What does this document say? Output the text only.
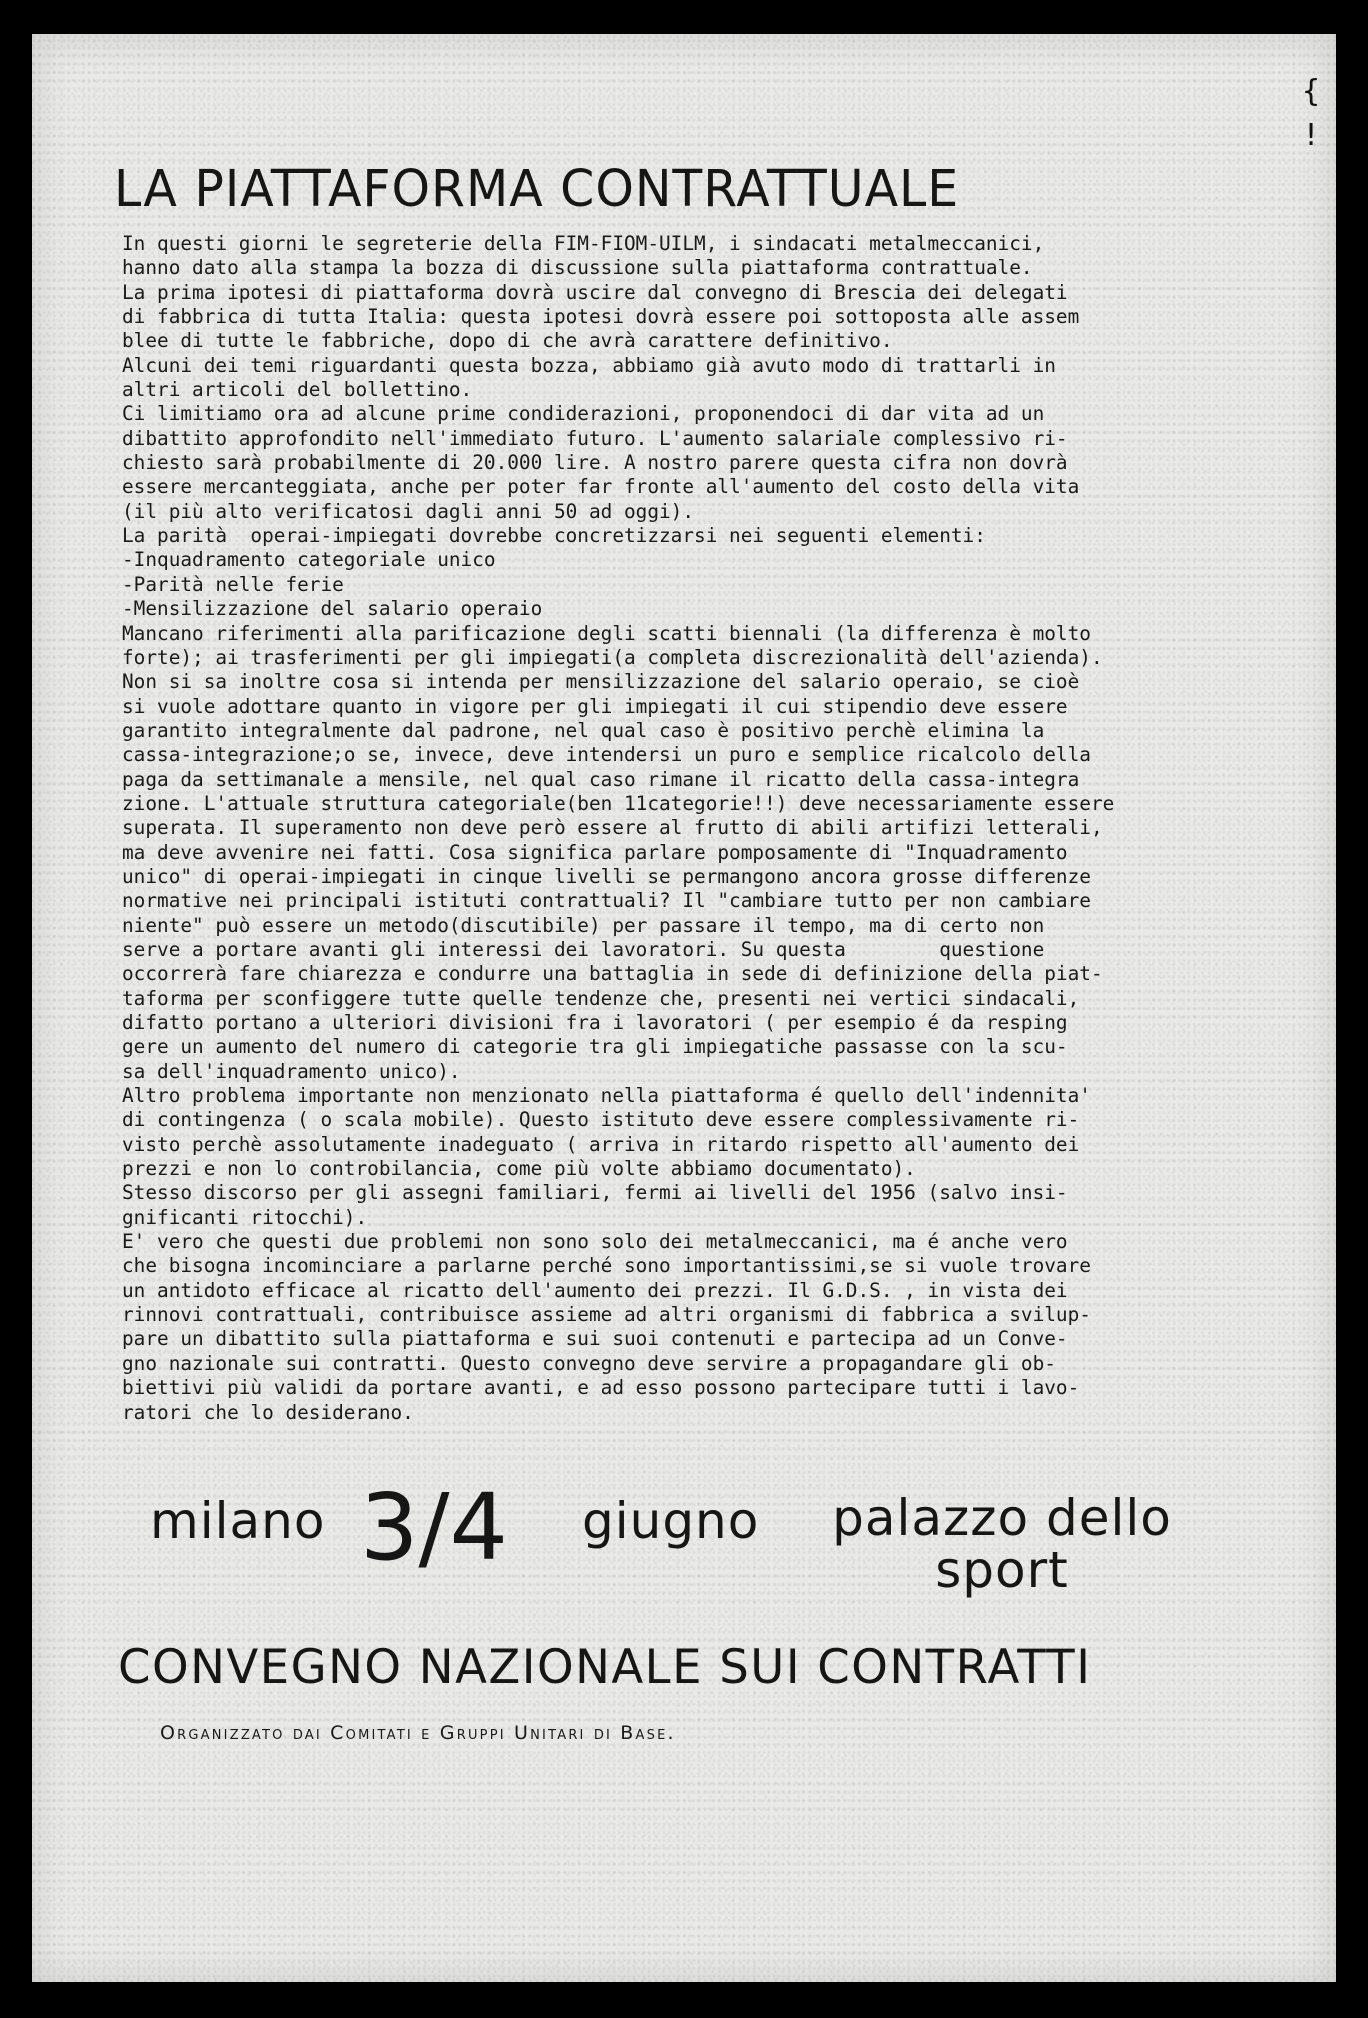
{
!
LA PIATTAFORMA CONTRATTUALE
In questi giorni le segreterie della FIM-FIOM-UILM, i sindacati metalmeccanici,
hanno dato alla stampa la bozza di discussione sulla piattaforma contrattuale.
La prima ipotesi di piattaforma dovrà uscire dal convegno di Brescia dei delegati
di fabbrica di tutta Italia: questa ipotesi dovrà essere poi sottoposta alle assem
blee di tutte le fabbriche, dopo di che avrà carattere definitivo.
Alcuni dei temi riguardanti questa bozza, abbiamo già avuto modo di trattarli in
altri articoli del bollettino.
Ci limitiamo ora ad alcune prime condiderazioni, proponendoci di dar vita ad un
dibattito approfondito nell'immediato futuro. L'aumento salariale complessivo ri-
chiesto sarà probabilmente di 20.000 lire. A nostro parere questa cifra non dovrà
essere mercanteggiata, anche per poter far fronte all'aumento del costo della vita
(il più alto verificatosi dagli anni 50 ad oggi).
La parità  operai-impiegati dovrebbe concretizzarsi nei seguenti elementi:
-Inquadramento categoriale unico
-Parità nelle ferie
-Mensilizzazione del salario operaio
Mancano riferimenti alla parificazione degli scatti biennali (la differenza è molto
forte); ai trasferimenti per gli impiegati(a completa discrezionalità dell'azienda).
Non si sa inoltre cosa si intenda per mensilizzazione del salario operaio, se cioè
si vuole adottare quanto in vigore per gli impiegati il cui stipendio deve essere
garantito integralmente dal padrone, nel qual caso è positivo perchè elimina la
cassa-integrazione;o se, invece, deve intendersi un puro e semplice ricalcolo della
paga da settimanale a mensile, nel qual caso rimane il ricatto della cassa-integra
zione. L'attuale struttura categoriale(ben 11categorie!!) deve necessariamente essere
superata. Il superamento non deve però essere al frutto di abili artifizi letterali,
ma deve avvenire nei fatti. Cosa significa parlare pomposamente di "Inquadramento
unico" di operai-impiegati in cinque livelli se permangono ancora grosse differenze
normative nei principali istituti contrattuali? Il "cambiare tutto per non cambiare
niente" può essere un metodo(discutibile) per passare il tempo, ma di certo non
serve a portare avanti gli interessi dei lavoratori. Su questa        questione
occorrerà fare chiarezza e condurre una battaglia in sede di definizione della piat-
taforma per sconfiggere tutte quelle tendenze che, presenti nei vertici sindacali,
difatto portano a ulteriori divisioni fra i lavoratori ( per esempio é da resping
gere un aumento del numero di categorie tra gli impiegatiche passasse con la scu-
sa dell'inquadramento unico).
Altro problema importante non menzionato nella piattaforma é quello dell'indennita'
di contingenza ( o scala mobile). Questo istituto deve essere complessivamente ri-
visto perchè assolutamente inadeguato ( arriva in ritardo rispetto all'aumento dei
prezzi e non lo controbilancia, come più volte abbiamo documentato).
Stesso discorso per gli assegni familiari, fermi ai livelli del 1956 (salvo insi-
gnificanti ritocchi).
E' vero che questi due problemi non sono solo dei metalmeccanici, ma é anche vero
che bisogna incominciare a parlarne perché sono importantissimi,se si vuole trovare
un antidoto efficace al ricatto dell'aumento dei prezzi. Il G.D.S. , in vista dei
rinnovi contrattuali, contribuisce assieme ad altri organismi di fabbrica a svilup-
pare un dibattito sulla piattaforma e sui suoi contenuti e partecipa ad un Conve-
gno nazionale sui contratti. Questo convegno deve servire a propagandare gli ob-
biettivi più validi da portare avanti, e ad esso possono partecipare tutti i lavo-
ratori che lo desiderano.
milano 3/4 giugno	palazzo dello
sport
CONVEGNO NAZIONALE SUI CONTRATTI
Organizzato dai Comitati e Gruppi Unitari di Base.
